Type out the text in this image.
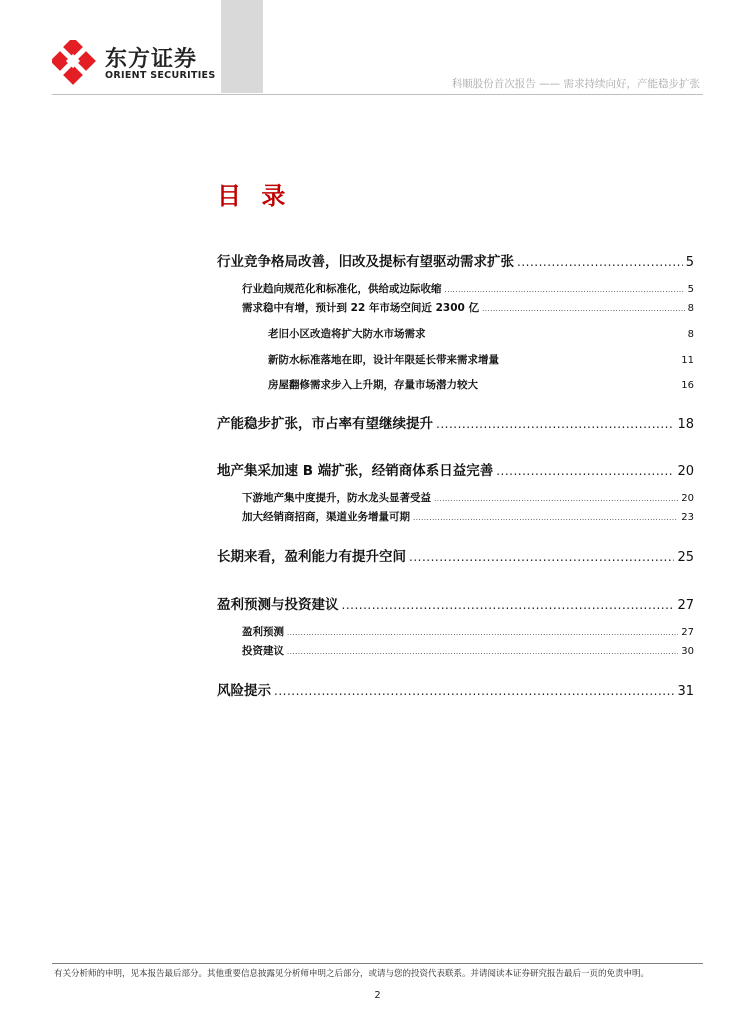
东方证券
ORIENT SECURITIES
科顺股份首次报告 —— 需求持续向好，产能稳步扩张
目 录
行业竞争格局改善，旧改及提标有望驱动需求扩张 .....	5
行业趋向规范化和标准化，供给或边际收缩 .....	5
需求稳中有增，预计到 22 年市场空间近 2300 亿 .....	8
老旧小区改造将扩大防水市场需求	8
新防水标准落地在即，设计年限延长带来需求增量	11
房屋翻修需求步入上升期，存量市场潜力较大	16
产能稳步扩张，市占率有望继续提升 .....	18
地产集采加速 B 端扩张，经销商体系日益完善 .....	20
下游地产集中度提升，防水龙头显著受益 .....	20
加大经销商招商，渠道业务增量可期 .....	23
长期来看，盈利能力有提升空间 .....	25
盈利预测与投资建议 .....	27
盈利预测 .....	27
投资建议 .....	30
风险提示 .....	31
有关分析师的申明，见本报告最后部分。其他重要信息披露见分析师申明之后部分，或请与您的投资代表联系。并请阅读本证券研究报告最后一页的免责申明。
2
